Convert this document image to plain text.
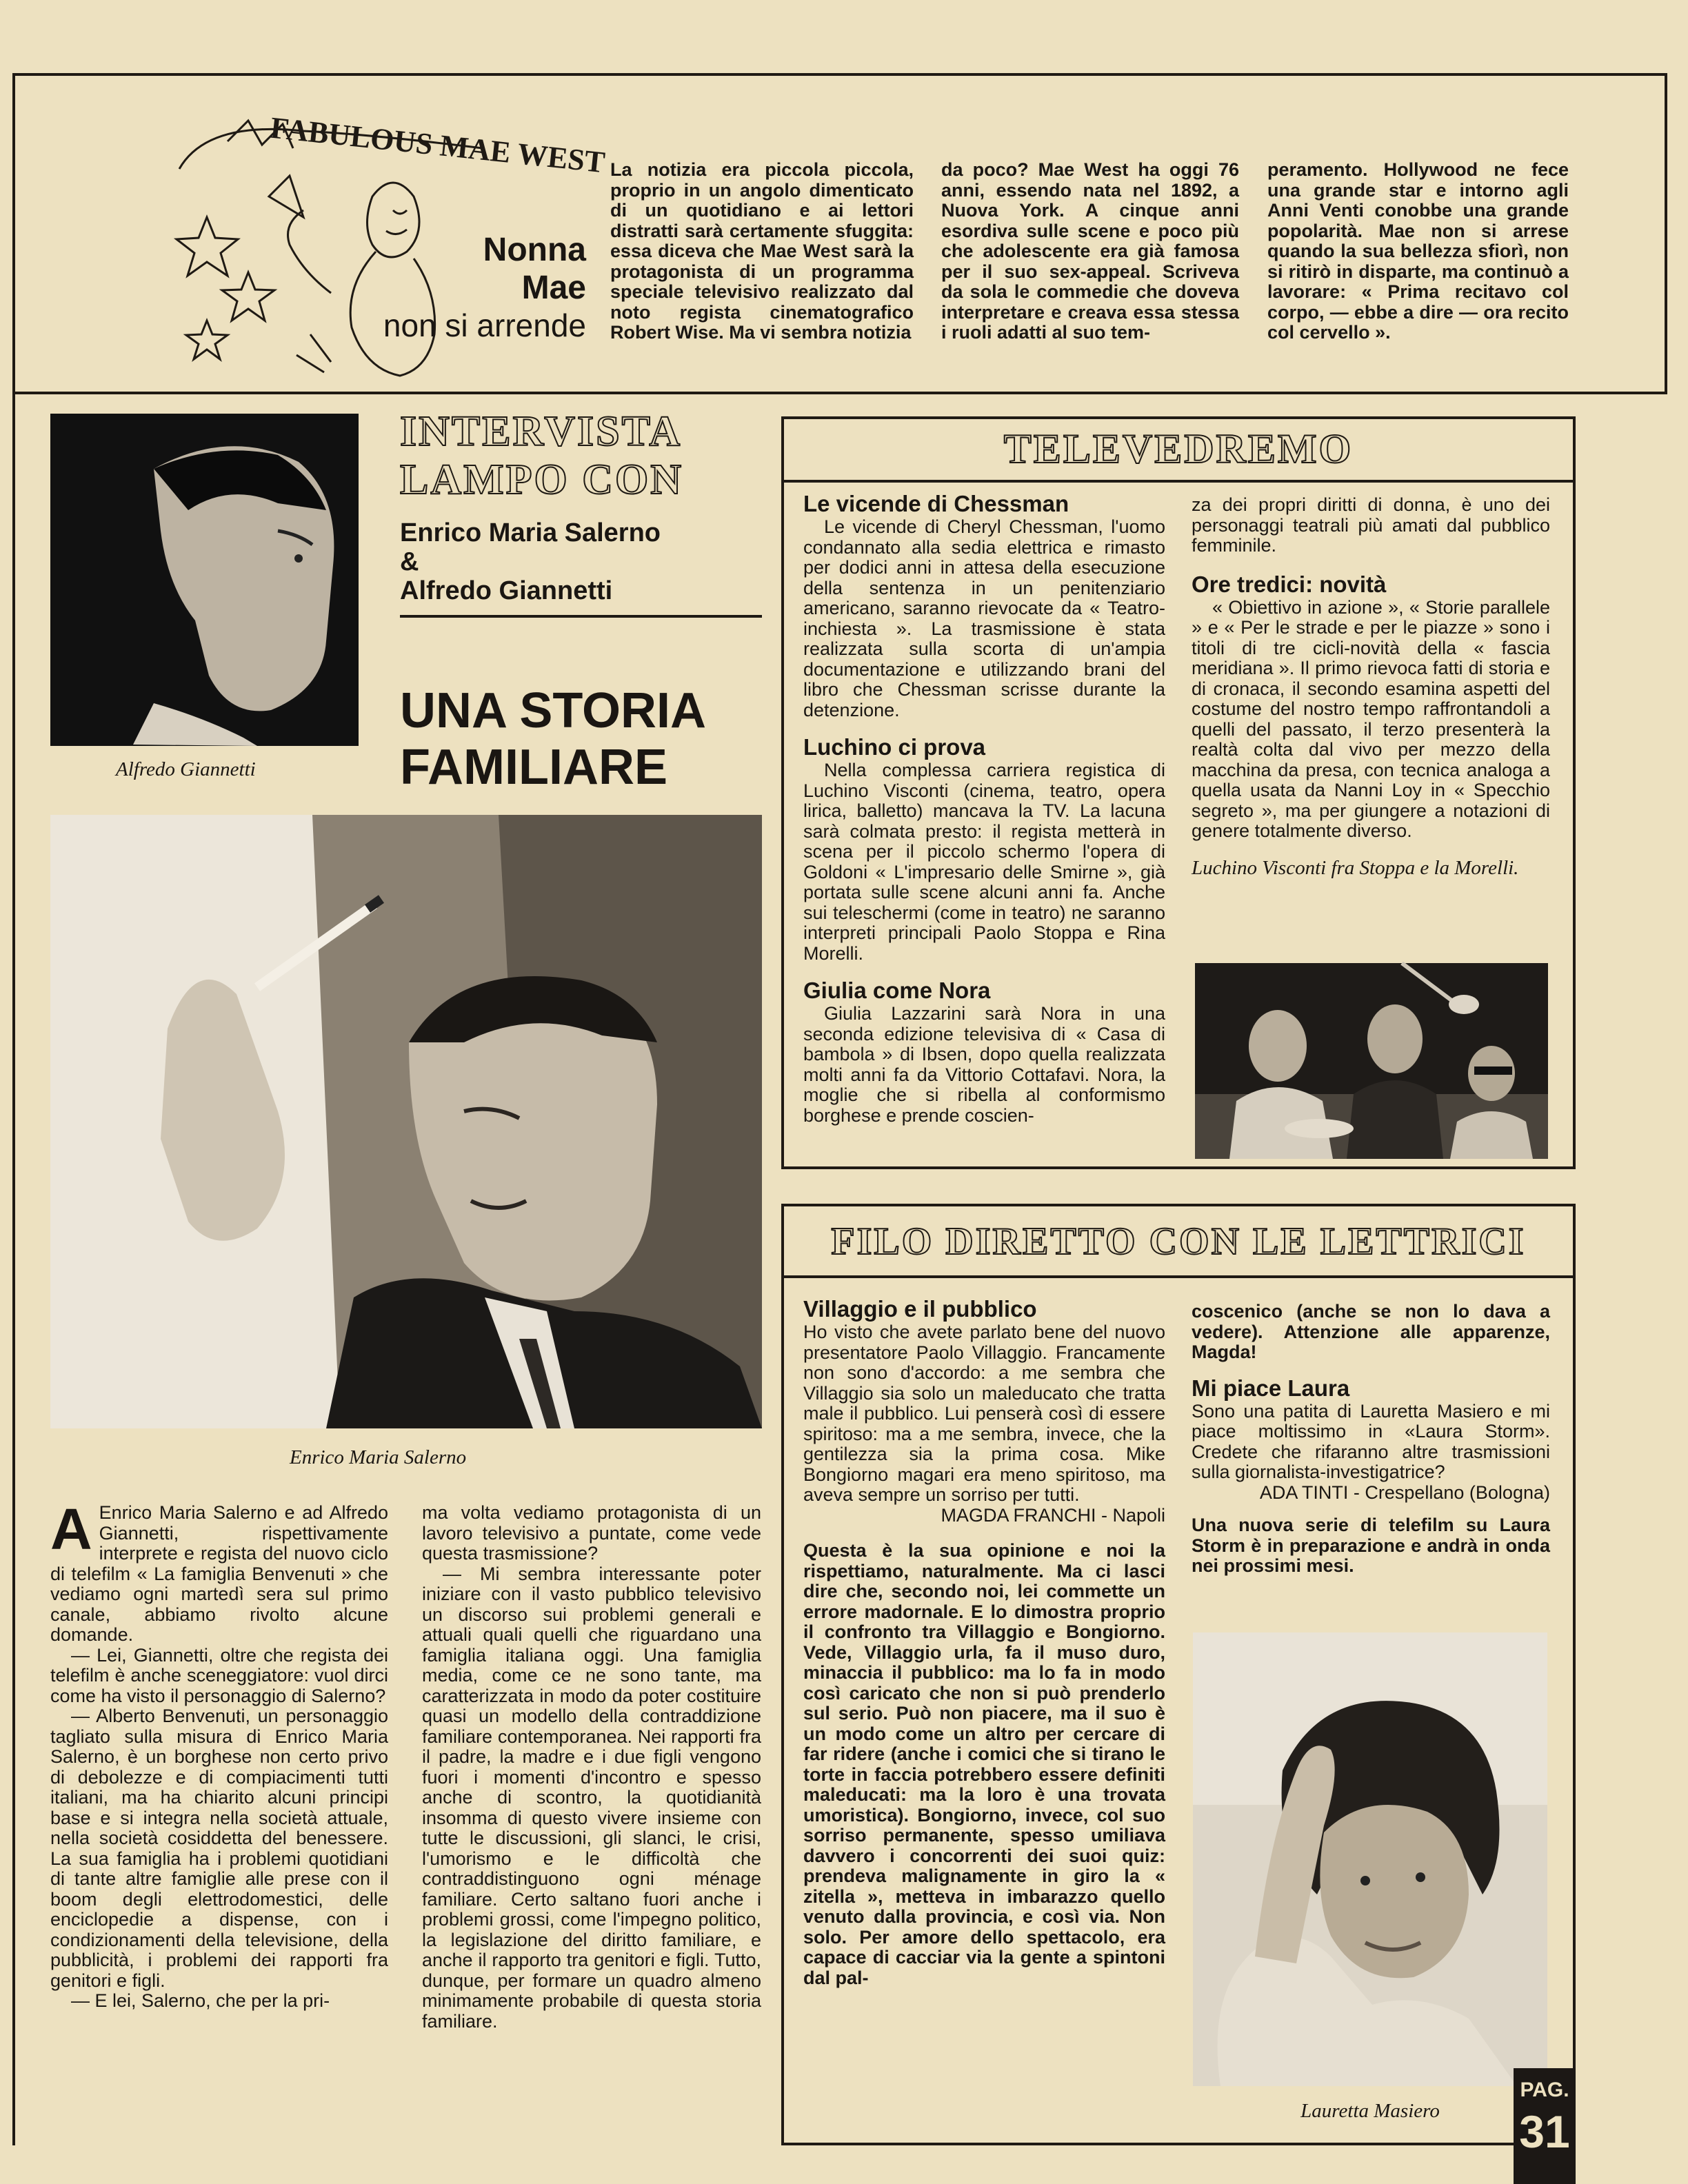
FABULOUS MAE WEST
Nonna
Mae
non si arrende

La notizia era piccola piccola, proprio in un angolo dimenticato di un quotidiano e ai lettori distratti sarà certamente sfuggita: essa diceva che Mae West sarà la protagonista di un programma speciale televisivo realizzato dal noto regista cinematografico Robert Wise. Ma vi sembra notizia

da poco? Mae West ha oggi 76 anni, essendo nata nel 1892, a Nuova York. A cinque anni esordiva sulle scene e poco più che adolescente era già famosa per il suo sex-appeal. Scriveva da sola le commedie che doveva interpretare e creava essa stessa i ruoli adatti al suo tem-

peramento. Hollywood ne fece una grande star e intorno agli Anni Venti conobbe una grande popolarità. Mae non si arrese quando la sua bellezza sfiorì, non si ritirò in disparte, ma continuò a lavorare: « Prima recitavo col corpo, — ebbe a dire — ora recito col cervello ».

Alfredo Giannetti
INTERVISTA
LAMPO CON
Enrico Maria Salerno
&
Alfredo Giannetti
UNA STORIA
FAMILIARE
Enrico Maria Salerno

A Enrico Maria Salerno e ad Alfredo Giannetti, rispettivamente interprete e regista del nuovo ciclo di telefilm « La famiglia Benvenuti » che vediamo ogni martedì sera sul primo canale, abbiamo rivolto alcune domande.

— Lei, Giannetti, oltre che regista dei telefilm è anche sceneggiatore: vuol dirci come ha visto il personaggio di Salerno?

— Alberto Benvenuti, un personaggio tagliato sulla misura di Enrico Maria Salerno, è un borghese non certo privo di debolezze e di compiacimenti tutti italiani, ma ha chiarito alcuni principi base e si integra nella società attuale, nella società cosiddetta del benessere. La sua famiglia ha i problemi quotidiani di tante altre famiglie alle prese con il boom degli elettrodomestici, delle enciclopedie a dispense, con i condizionamenti della televisione, della pubblicità, i problemi dei rapporti fra genitori e figli.

— E lei, Salerno, che per la pri-

ma volta vediamo protagonista di un lavoro televisivo a puntate, come vede questa trasmissione?

— Mi sembra interessante poter iniziare con il vasto pubblico televisivo un discorso sui problemi generali e attuali quali quelli che riguardano una famiglia italiana oggi. Una famiglia media, come ce ne sono tante, ma caratterizzata in modo da poter costituire quasi un modello della contraddizione familiare contemporanea. Nei rapporti fra il padre, la madre e i due figli vengono fuori i momenti d'incontro e spesso anche di scontro, la quotidianità insomma di questo vivere insieme con tutte le discussioni, gli slanci, le crisi, l'umorismo e le difficoltà che contraddistinguono ogni ménage familiare. Certo saltano fuori anche i problemi grossi, come l'impegno politico, la legislazione del diritto familiare, e anche il rapporto tra genitori e figli. Tutto, dunque, per formare un quadro almeno minimamente probabile di questa storia familiare.

TELEVEDREMO

Le vicende di Chessman

Le vicende di Cheryl Chessman, l'uomo condannato alla sedia elettrica e rimasto per dodici anni in attesa della esecuzione della sentenza in un penitenziario americano, saranno rievocate da « Teatro-inchiesta ». La trasmissione è stata realizzata sulla scorta di un'ampia documentazione e utilizzando brani del libro che Chessman scrisse durante la detenzione.

Luchino ci prova

Nella complessa carriera registica di Luchino Visconti (cinema, teatro, opera lirica, balletto) mancava la TV. La lacuna sarà colmata presto: il regista metterà in scena per il piccolo schermo l'opera di Goldoni « L'impresario delle Smirne », già portata sulle scene alcuni anni fa. Anche sui teleschermi (come in teatro) ne saranno interpreti principali Paolo Stoppa e Rina Morelli.

Giulia come Nora

Giulia Lazzarini sarà Nora in una seconda edizione televisiva di « Casa di bambola » di Ibsen, dopo quella realizzata molti anni fa da Vittorio Cottafavi. Nora, la moglie che si ribella al conformismo borghese e prende coscien-

za dei propri diritti di donna, è uno dei personaggi teatrali più amati dal pubblico femminile.

Ore tredici: novità

« Obiettivo in azione », « Storie parallele » e « Per le strade e per le piazze » sono i titoli di tre cicli-novità della « fascia meridiana ». Il primo rievoca fatti di storia e di cronaca, il secondo esamina aspetti del costume del nostro tempo raffrontandoli a quelli del passato, il terzo presenterà la realtà colta dal vivo per mezzo della macchina da presa, con tecnica analoga a quella usata da Nanni Loy in « Specchio segreto », ma per giungere a notazioni di genere totalmente diverso.

Luchino Visconti fra Stoppa e la Morelli.

FILO DIRETTO CON LE LETTRICI

Villaggio e il pubblico

Ho visto che avete parlato bene del nuovo presentatore Paolo Villaggio. Francamente non sono d'accordo: a me sembra che Villaggio sia solo un maleducato che tratta male il pubblico. Lui penserà così di essere spiritoso: ma a me sembra, invece, che la gentilezza sia la prima cosa. Mike Bongiorno magari era meno spiritoso, ma aveva sempre un sorriso per tutti.

MAGDA FRANCHI - Napoli

Questa è la sua opinione e noi la rispettiamo, naturalmente. Ma ci lasci dire che, secondo noi, lei commette un errore madornale. E lo dimostra proprio il confronto tra Villaggio e Bongiorno. Vede, Villaggio urla, fa il muso duro, minaccia il pubblico: ma lo fa in modo così caricato che non si può prenderlo sul serio. Può non piacere, ma il suo è un modo come un altro per cercare di far ridere (anche i comici che si tirano le torte in faccia potrebbero essere definiti maleducati: ma la loro è una trovata umoristica). Bongiorno, invece, col suo sorriso permanente, spesso umiliava davvero i concorrenti dei suoi quiz: prendeva malignamente in giro la « zitella », metteva in imbarazzo quello venuto dalla provincia, e così via. Non solo. Per amore dello spettacolo, era capace di cacciar via la gente a spintoni dal pal-

coscenico (anche se non lo dava a vedere). Attenzione alle apparenze, Magda!

Mi piace Laura

Sono una patita di Lauretta Masiero e mi piace moltissimo in «Laura Storm». Credete che rifaranno altre trasmissioni sulla giornalista-investigatrice?

ADA TINTI - Crespellano (Bologna)

Una nuova serie di telefilm su Laura Storm è in preparazione e andrà in onda nei prossimi mesi.

Lauretta Masiero
PAG.
31
